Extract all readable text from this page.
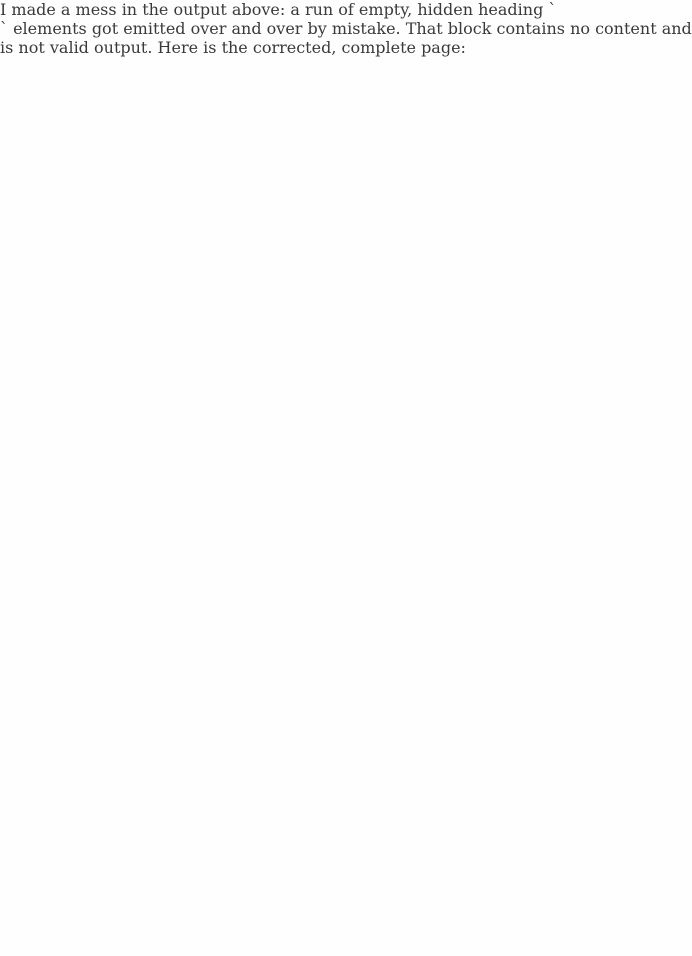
I made a mess in the output above: a run of empty, hidden heading `
` elements got emitted over and over by mistake. That block contains no content and is not valid output. Here is the corrected, complete page:
